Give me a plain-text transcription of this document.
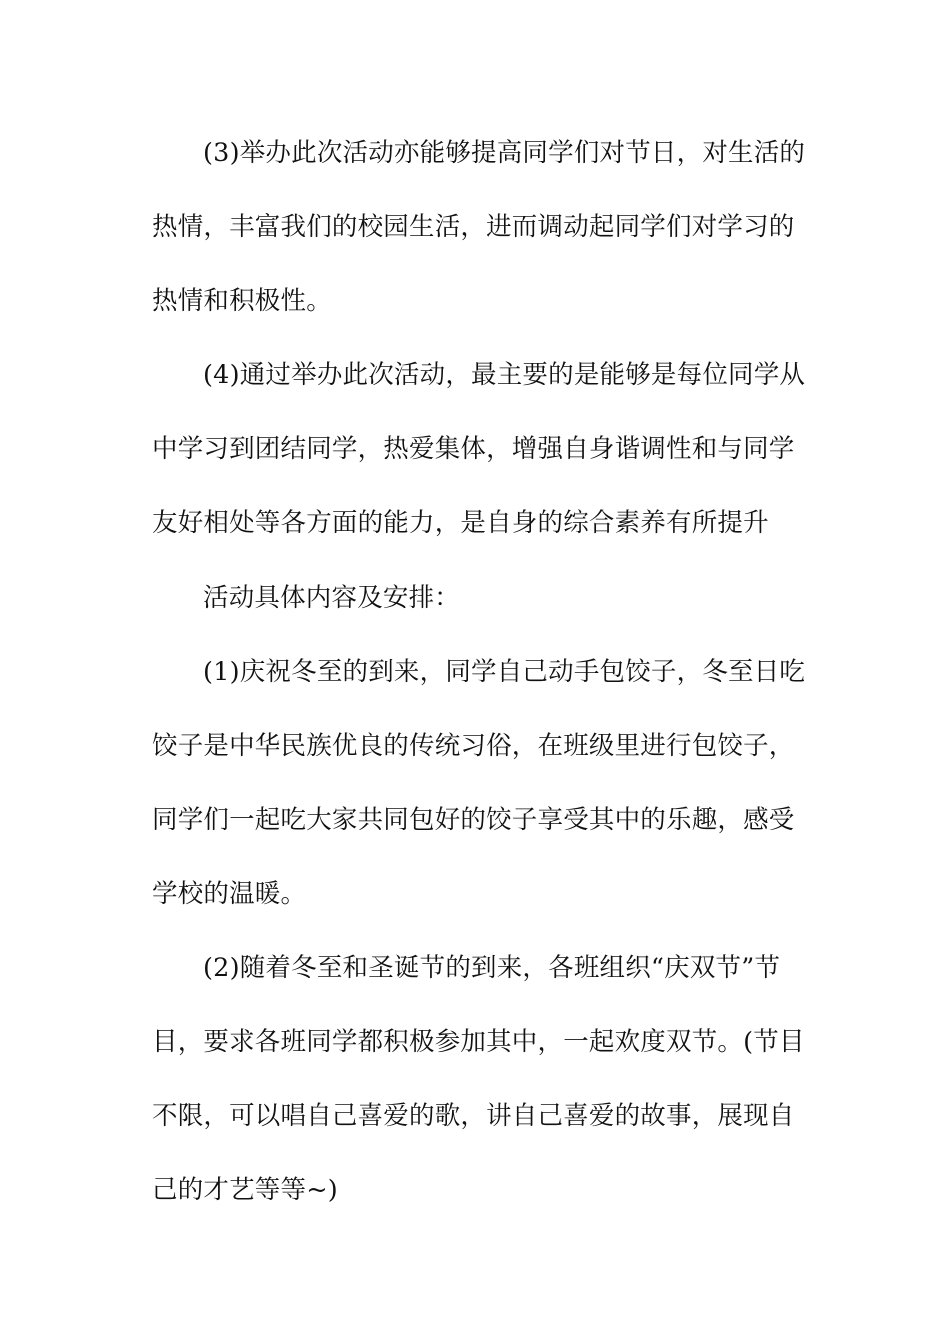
(3)举办此次活动亦能够提高同学们对节日，对生活的
热情，丰富我们的校园生活，进而调动起同学们对学习的
热情和积极性。
(4)通过举办此次活动，最主要的是能够是每位同学从
中学习到团结同学，热爱集体，增强自身谐调性和与同学
友好相处等各方面的能力，是自身的综合素养有所提升
活动具体内容及安排：
(1)庆祝冬至的到来，同学自己动手包饺子，冬至日吃
饺子是中华民族优良的传统习俗，在班级里进行包饺子，
同学们一起吃大家共同包好的饺子享受其中的乐趣，感受
学校的温暖。
(2)随着冬至和圣诞节的到来，各班组织“庆双节”节
目，要求各班同学都积极参加其中，一起欢度双节。(节目
不限，可以唱自己喜爱的歌，讲自己喜爱的故事，展现自
己的才艺等等~)
